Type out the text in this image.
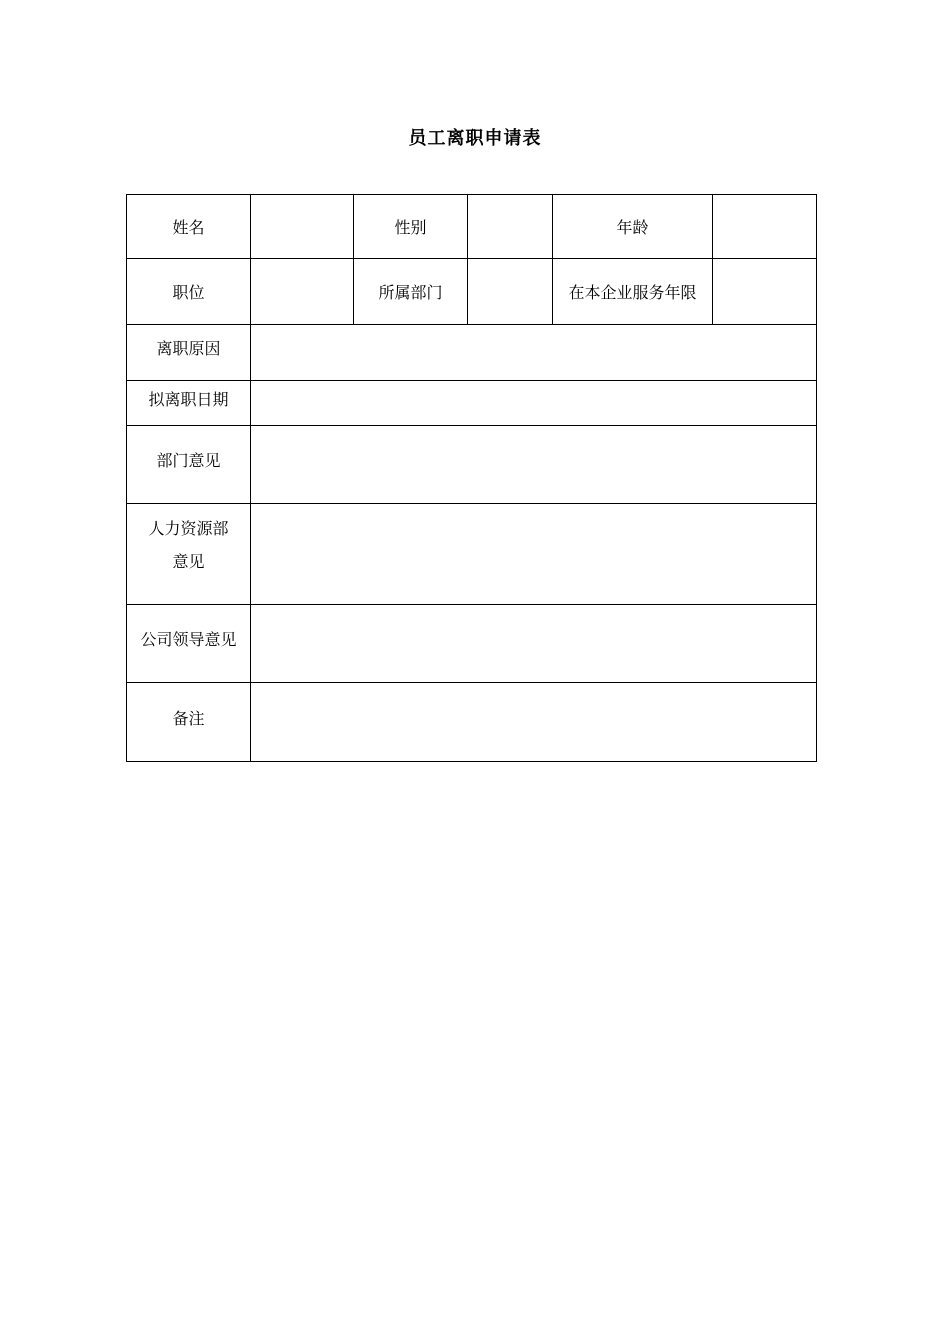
员工离职申请表
姓名		性别		年龄	
职位		所属部门		在本企业服务年限	
离职原因					
拟离职日期					
部门意见					

人力资源部
意见					

公司领导意见					
备注					
